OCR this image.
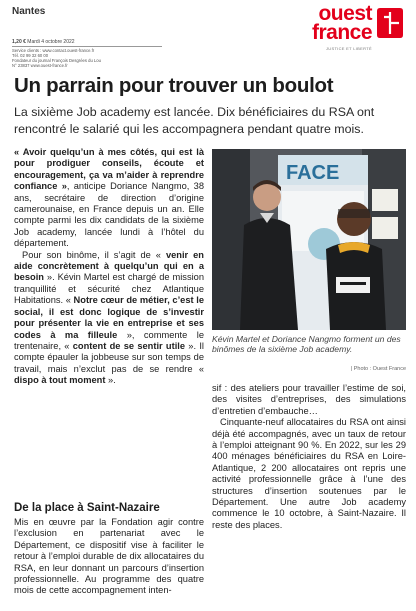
Nantes
1,20 € Mardi 4 octobre 2022
Service clients : www.contact.ouest-france.fr
Tél. 02 99 32 60 00
Fondateur du journal François Desgrées du Lou
N° 23837 www.ouest-france.fr
ouest
france
JUSTICE ET LIBERTÉ
Un parrain pour trouver un boulot

La sixième Job academy est lancée. Dix bénéficiaires du RSA ont rencontré le salarié qui les accompagnera pendant quatre mois.

« Avoir quelqu’un à mes côtés, qui est là pour prodiguer conseils, écoute et encouragement, ça va m’aider à reprendre confiance », anticipe Doriance Nangmo, 38 ans, secrétaire de direction d’origine camerounaise, en France depuis un an. Elle compte parmi les dix candidats de la sixième Job academy, lancée lundi à l’hôtel du département.

Pour son binôme, il s’agit de « venir en aide concrètement à quelqu’un qui en a besoin ». Kévin Martel est chargé de mission tranquillité et sécurité chez Atlantique Habitations. « Notre cœur de métier, c’est le social, il est donc logique de s’investir pour présenter la vie en entreprise et ses codes à ma filleule », commente le trentenaire, « content de se sentir utile ». Il compte épauler la jobbeuse sur son temps de travail, mais n’exclut pas de se rendre « dispo à tout moment ».

De la place à Saint-Nazaire

Mis en œuvre par la Fondation agir contre l’exclusion en partenariat avec le Département, ce dispositif vise à faciliter le retour à l’emploi durable de dix allocataires du RSA, en leur donnant un parcours d’insertion professionnelle. Au programme des quatre mois de cette accompagnement inten-

FACE

Kévin Martel et Doriance Nangmo forment un des binômes de la sixième Job academy.

| Photo : Ouest France

sif : des ateliers pour travailler l’estime de soi, des visites d’entreprises, des simulations d’entretien d’embauche…

Cinquante-neuf allocataires du RSA ont ainsi déjà été accompagnés, avec un taux de retour à l’emploi atteignant 90 %. En 2022, sur les 29 400 ménages bénéficiaires du RSA en Loire-Atlantique, 2 200 allocataires ont repris une activité professionnelle grâce à l’une des structures d’insertion soutenues par le Département. Une autre Job academy commence le 10 octobre, à Saint-Nazaire. Il reste des places.
